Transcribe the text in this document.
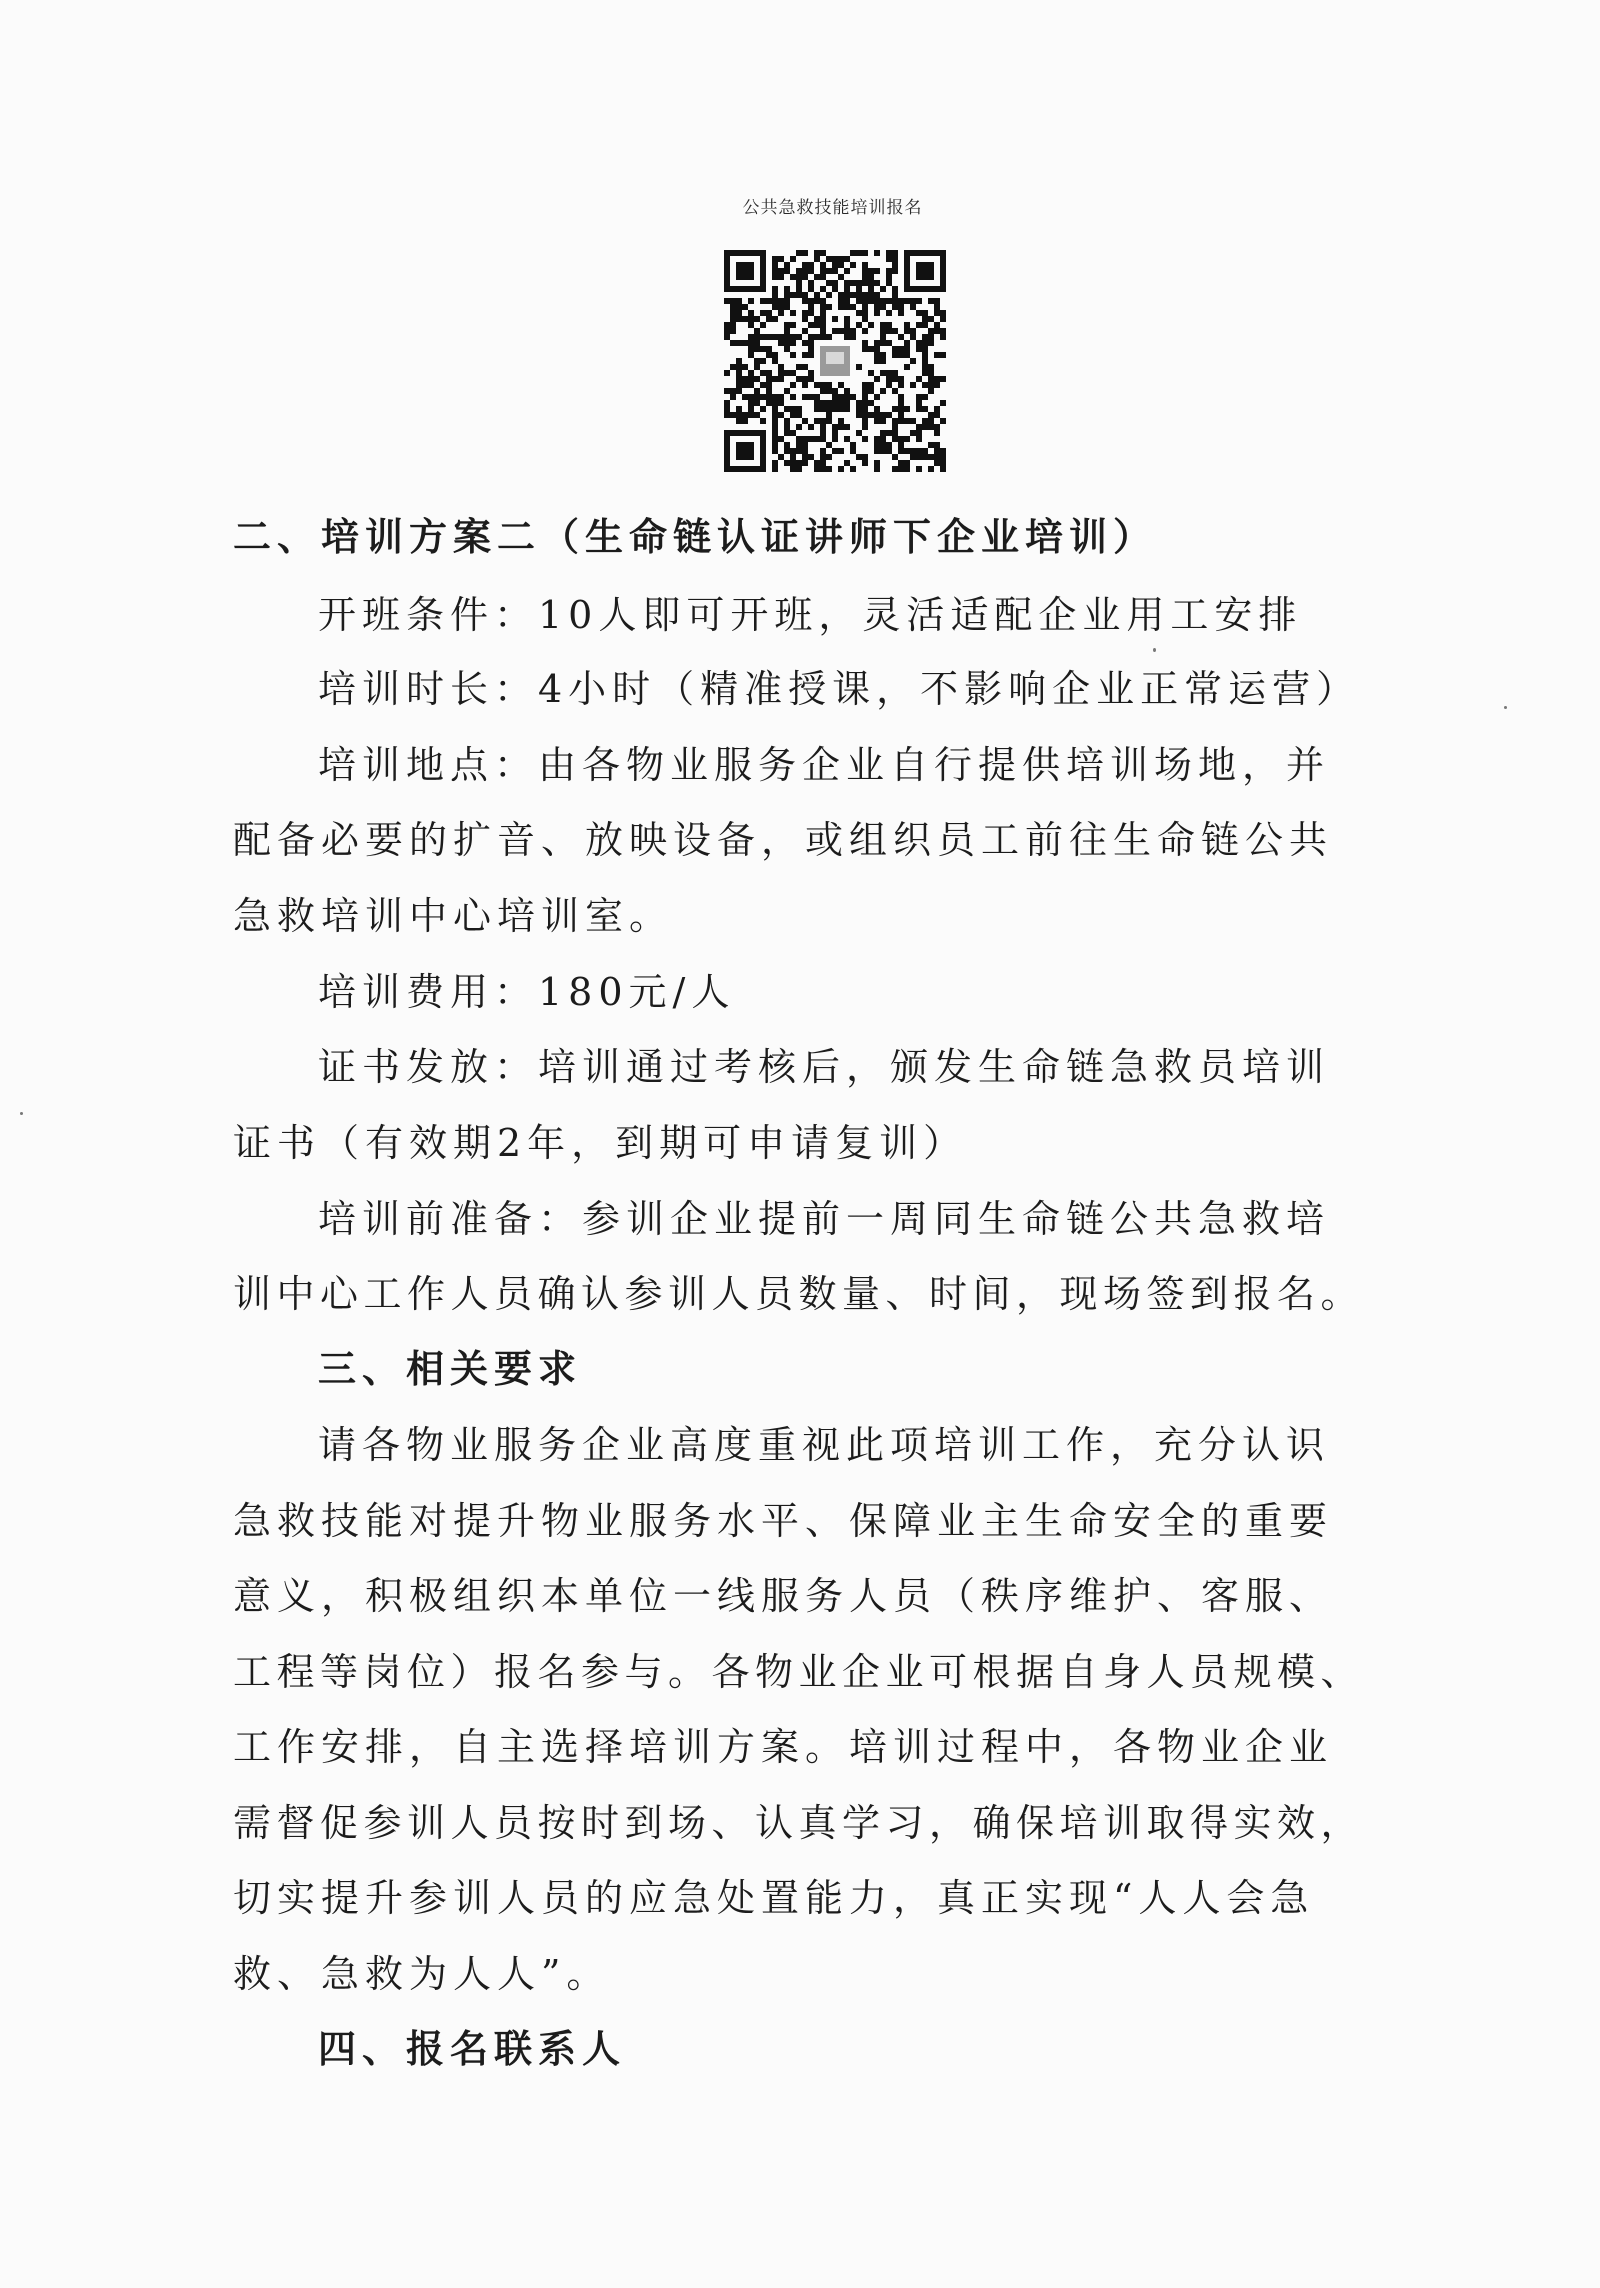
公共急救技能培训报名
二、培训方案二（生命链认证讲师下企业培训）
开班条件：10人即可开班，灵活适配企业用工安排
培训时长：4小时（精准授课，不影响企业正常运营）
培训地点：由各物业服务企业自行提供培训场地，并
配备必要的扩音、放映设备，或组织员工前往生命链公共
急救培训中心培训室。
培训费用：180元/人
证书发放：培训通过考核后，颁发生命链急救员培训
证书（有效期2年，到期可申请复训）
培训前准备：参训企业提前一周同生命链公共急救培
训中心工作人员确认参训人员数量、时间，现场签到报名。
三、相关要求
请各物业服务企业高度重视此项培训工作，充分认识
急救技能对提升物业服务水平、保障业主生命安全的重要
意义，积极组织本单位一线服务人员（秩序维护、客服、
工程等岗位）报名参与。各物业企业可根据自身人员规模、
工作安排，自主选择培训方案。培训过程中，各物业企业
需督促参训人员按时到场、认真学习，确保培训取得实效，
切实提升参训人员的应急处置能力，真正实现“人人会急
救、急救为人人”。
四、报名联系人
